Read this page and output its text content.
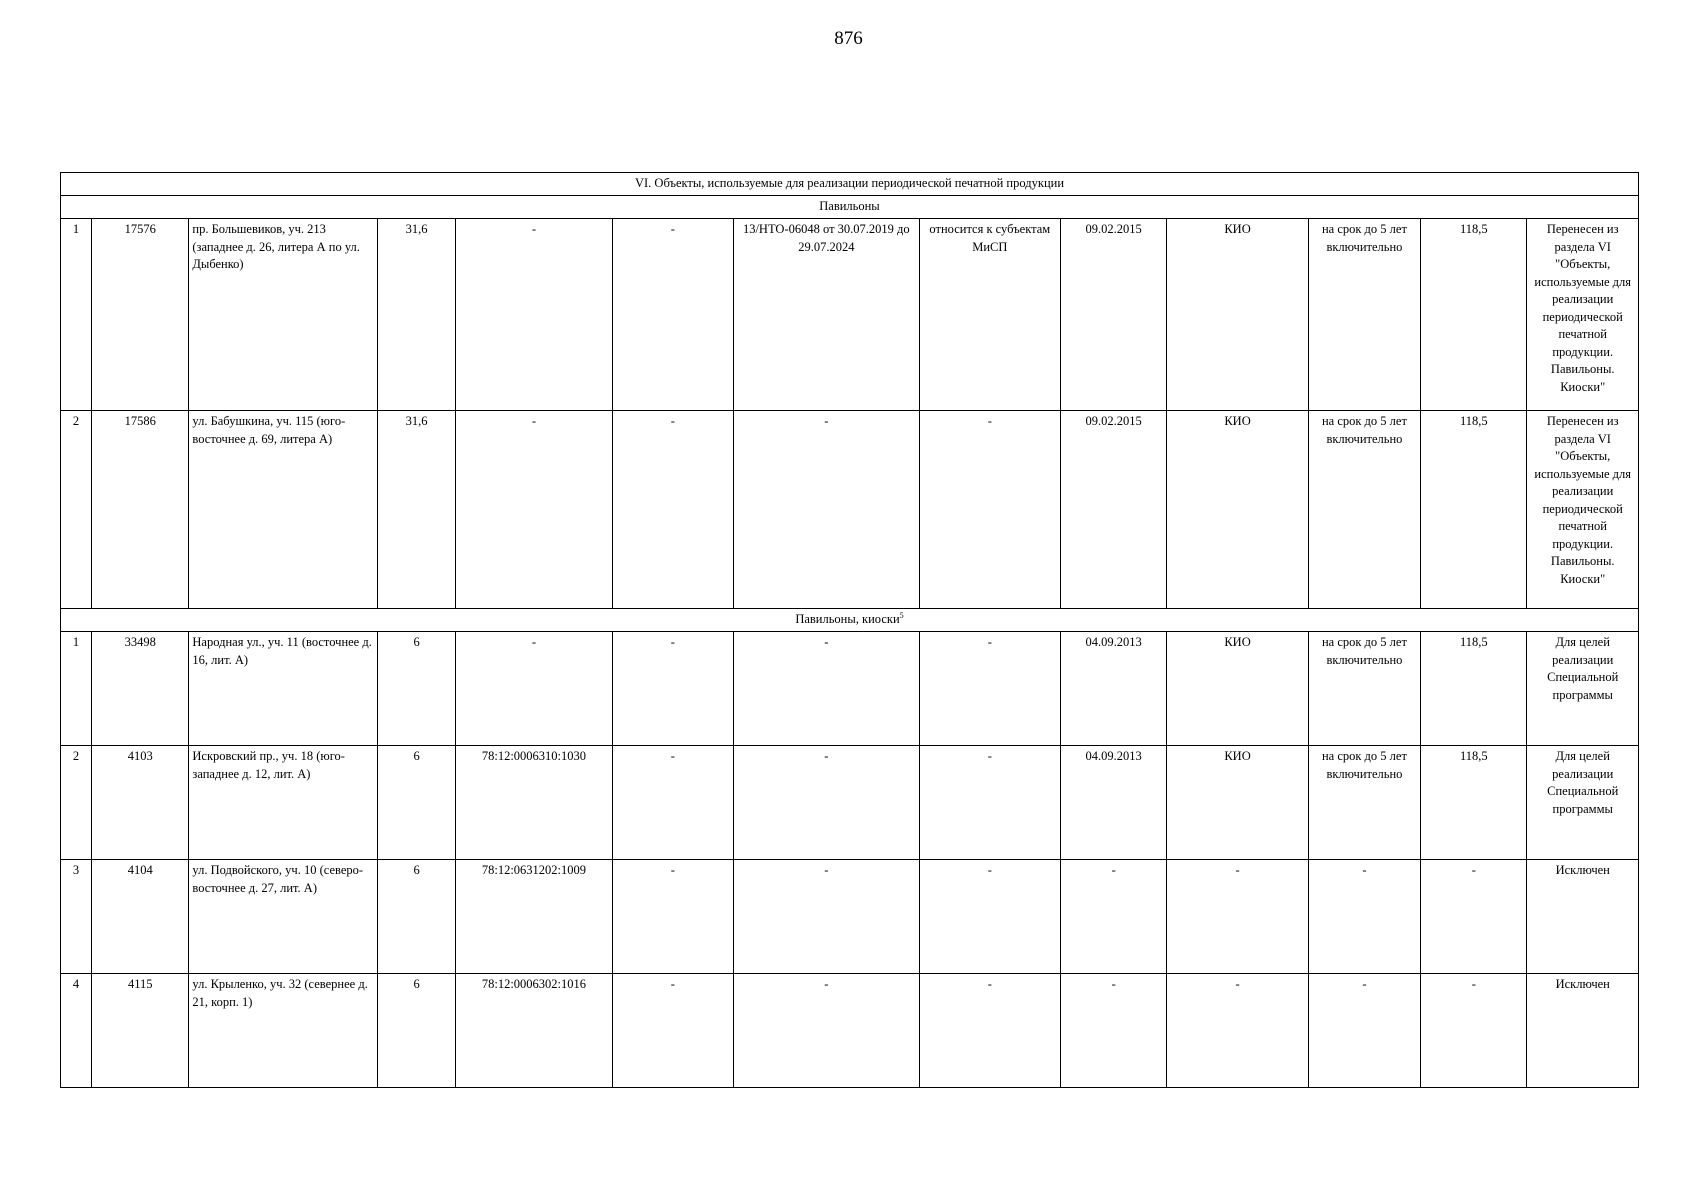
876
VI. Объекты, используемые для реализации периодической печатной продукции												
Павильоны												
1	17576	пр. Большевиков, уч. 213 (западнее д. 26, литера А по ул. Дыбенко)	31,6	-	-	13/НТО-06048 от 30.07.2019 до 29.07.2024	относится к субъектам МиСП	09.02.2015	КИО	на срок до 5 лет включительно	118,5	Перенесен из раздела VI "Объекты, используемые для реализации периодической печатной продукции. Павильоны. Киоски"
2	17586	ул. Бабушкина, уч. 115 (юго-восточнее д. 69, литера А)	31,6	-	-	-	-	09.02.2015	КИО	на срок до 5 лет включительно	118,5	Перенесен из раздела VI "Объекты, используемые для реализации периодической печатной продукции. Павильоны. Киоски"
Павильоны, киоски$^5$
1	33498	Народная ул., уч. 11 (восточнее д. 16, лит. А)	6	-	-	-	-	04.09.2013	КИО	на срок до 5 лет включительно	118,5	Для целей реализации Специальной программы
2	4103	Искровский пр., уч. 18 (юго-западнее д. 12, лит. А)	6	78:12:0006310:1030	-	-	-	04.09.2013	КИО	на срок до 5 лет включительно	118,5	Для целей реализации Специальной программы
3	4104	ул. Подвойского, уч. 10 (северо-восточнее д. 27, лит. А)	6	78:12:0631202:1009	-	-	-	-	-	-	-	Исключен
4	4115	ул. Крыленко, уч. 32 (севернее д. 21, корп. 1)	6	78:12:0006302:1016	-	-	-	-	-	-	-	Исключен
